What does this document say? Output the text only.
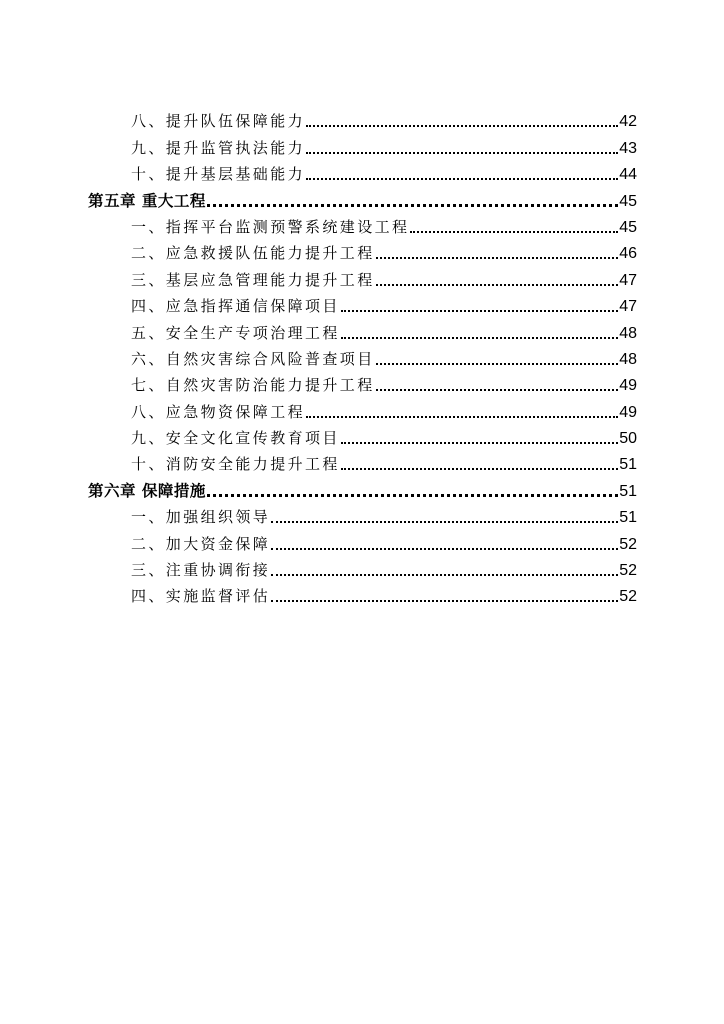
八、提升队伍保障能力	42
九、提升监管执法能力	43
十、提升基层基础能力	44
第五章 重大工程	45
一、指挥平台监测预警系统建设工程	45
二、应急救援队伍能力提升工程	46
三、基层应急管理能力提升工程	47
四、应急指挥通信保障项目	47
五、安全生产专项治理工程	48
六、自然灾害综合风险普查项目	48
七、自然灾害防治能力提升工程	49
八、应急物资保障工程	49
九、安全文化宣传教育项目	50
十、消防安全能力提升工程	51
第六章 保障措施	51
一、加强组织领导	51
二、加大资金保障	52
三、注重协调衔接	52
四、实施监督评估	52
